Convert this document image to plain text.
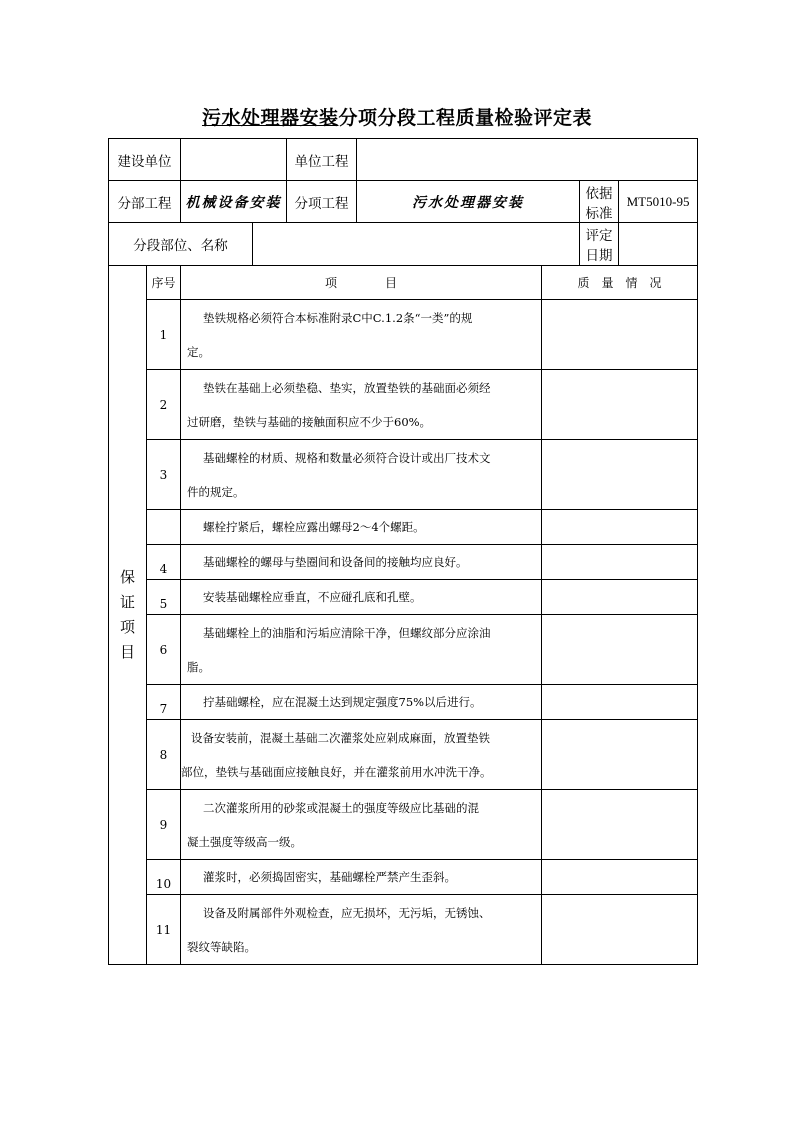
污水处理器安装分项分段工程质量检验评定表
建设单位				单位工程				
分部工程		机械设备安装		分项工程	污水处理器安装		依据标准	MT5010-95
分段部位、名称							评定日期	
保
证
项
目	序号	项　　　　目				质　量　情　况		
	1	垫铁规格必须符合本标准附录C中C.1.2条“一类”的规
定。						
	2	垫铁在基础上必须垫稳、垫实，放置垫铁的基础面必须经
过研磨，垫铁与基础的接触面积应不少于60%。						
	3	基础螺栓的材质、规格和数量必须符合设计或出厂技术文
件的规定。						
		螺栓拧紧后，螺栓应露出螺母2～4个螺距。						
	4	基础螺栓的螺母与垫圈间和设备间的接触均应良好。						
	5	安装基础螺栓应垂直，不应碰孔底和孔壁。						
	6	基础螺栓上的油脂和污垢应清除干净，但螺纹部分应涂油
脂。						
	7	拧基础螺栓，应在混凝土达到规定强度75%以后进行。						
	8	设备安装前，混凝土基础二次灌浆处应剁成麻面，放置垫铁
部位，垫铁与基础面应接触良好，并在灌浆前用水冲洗干净。						
	9	二次灌浆所用的砂浆或混凝土的强度等级应比基础的混
凝土强度等级高一级。						
	10	灌浆时，必须捣固密实，基础螺栓严禁产生歪斜。						
	11	设备及附属部件外观检查，应无损坏，无污垢，无锈蚀、
裂纹等缺陷。						
